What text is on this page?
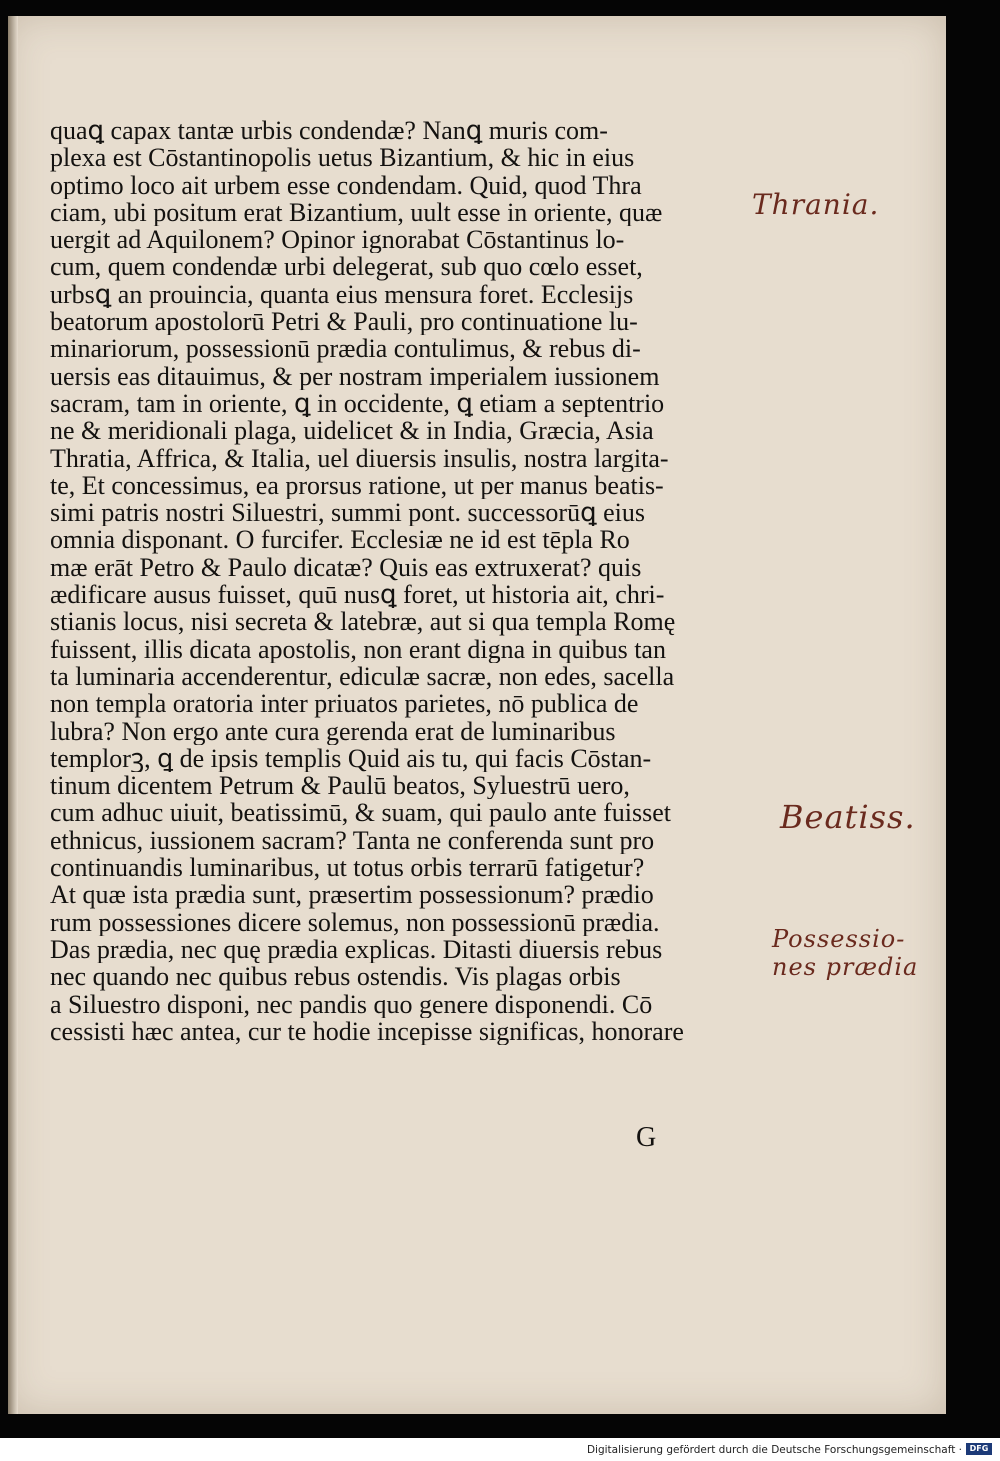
quaꝗ capax tantæ urbis condendæ? Nanꝗ muris com-
plexa est Cōstantinopolis uetus Bizantium, & hic in eius
optimo loco ait urbem esse condendam. Quid, quod Thra
ciam, ubi positum erat Bizantium, uult esse in oriente, quæ
uergit ad Aquilonem? Opinor ignorabat Cōstantinus lo-
cum, quem condendæ urbi delegerat, sub quo cœlo esset,
urbsꝗ an prouincia, quanta eius mensura foret. Ecclesijs
beatorum apostolorū Petri & Pauli, pro continuatione lu-
minariorum, possessionū prædia contulimus, & rebus di-
uersis eas ditauimus, & per nostram imperialem iussionem
sacram, tam in oriente, ꝗ in occidente, ꝗ etiam a septentrio
ne & meridionali plaga, uidelicet & in India, Græcia, Asia
Thratia, Affrica, & Italia, uel diuersis insulis, nostra largita-
te, Et concessimus, ea prorsus ratione, ut per manus beatis-
simi patris nostri Siluestri, summi pont. successorūꝗ eius
omnia disponant. O furcifer. Ecclesiæ ne id est tēpla Ro
mæ erāt Petro & Paulo dicatæ? Quis eas extruxerat? quis
ædificare ausus fuisset, quū nusꝗ foret, ut historia ait, chri-
stianis locus, nisi secreta & latebræ, aut si qua templa Romę
fuissent, illis dicata apostolis, non erant digna in quibus tan
ta luminaria accenderentur, ediculæ sacræ, non edes, sacella
non templa oratoria inter priuatos parietes, nō publica de
lubra? Non ergo ante cura gerenda erat de luminaribus
templorꝫ, ꝗ de ipsis templis Quid ais tu, qui facis Cōstan-
tinum dicentem Petrum & Paulū beatos, Syluestrū uero,
cum adhuc uiuit, beatissimū, & suam, qui paulo ante fuisset
ethnicus, iussionem sacram? Tanta ne conferenda sunt pro
continuandis luminaribus, ut totus orbis terrarū fatigetur?
At quæ ista prædia sunt, præsertim possessionum? prædio
rum possessiones dicere solemus, non possessionū prædia.
Das prædia, nec quę prædia explicas. Ditasti diuersis rebus
nec quando nec quibus rebus ostendis. Vis plagas orbis
a Siluestro disponi, nec pandis quo genere disponendi. Cō
cessisti hæc antea, cur te hodie incepisse significas, honorare
G
Thrania.
Beatiss.
Possessio-
nes prædia
Digitalisierung gefördert durch die Deutsche Forschungsgemeinschaft · DFG
